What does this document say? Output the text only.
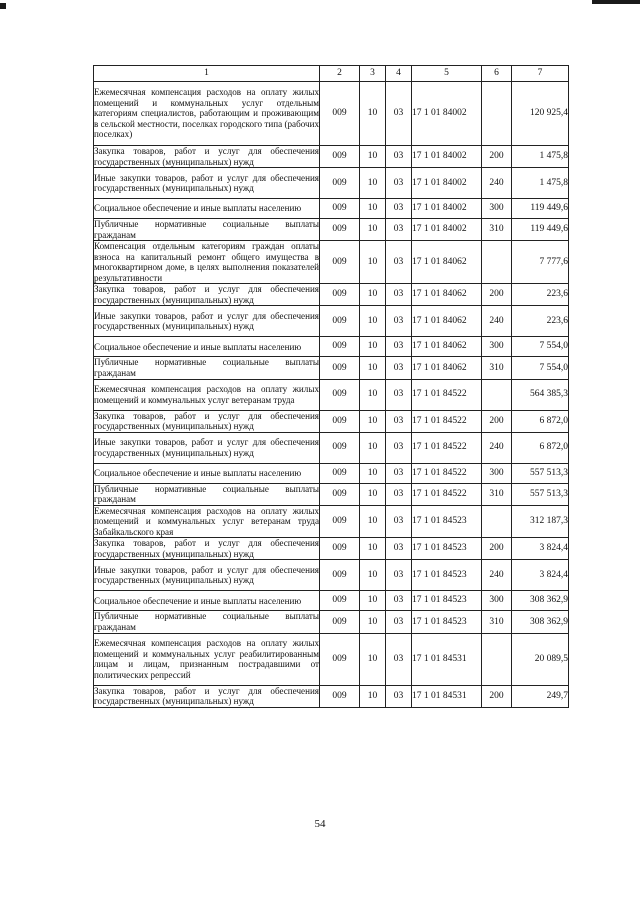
1	2	3	4	5	6	7
Ежемесячная компенсация расходов на оплату жилых помещений и коммунальных услуг отдельным категориям специалистов, работающим и проживающим в сельской местности, поселках городского типа (рабочих поселках)	009	10	03	17 1 01 84002		120 925,4
Закупка товаров, работ и услуг для обеспечения государственных (муниципальных) нужд	009	10	03	17 1 01 84002	200	1 475,8
Иные закупки товаров, работ и услуг для обеспечения государственных (муниципальных) нужд	009	10	03	17 1 01 84002	240	1 475,8
Социальное обеспечение и иные выплаты населению	009	10	03	17 1 01 84002	300	119 449,6
Публичные нормативные социальные выплаты гражданам	009	10	03	17 1 01 84002	310	119 449,6
Компенсация отдельным категориям граждан оплаты взноса на капитальный ремонт общего имущества в многоквартирном доме, в целях выполнения показателей результативности	009	10	03	17 1 01 84062		7 777,6
Закупка товаров, работ и услуг для обеспечения государственных (муниципальных) нужд	009	10	03	17 1 01 84062	200	223,6
Иные закупки товаров, работ и услуг для обеспечения государственных (муниципальных) нужд	009	10	03	17 1 01 84062	240	223,6
Социальное обеспечение и иные выплаты населению	009	10	03	17 1 01 84062	300	7 554,0
Публичные нормативные социальные выплаты гражданам	009	10	03	17 1 01 84062	310	7 554,0
Ежемесячная компенсация расходов на оплату жилых помещений и коммунальных услуг ветеранам труда	009	10	03	17 1 01 84522		564 385,3
Закупка товаров, работ и услуг для обеспечения государственных (муниципальных) нужд	009	10	03	17 1 01 84522	200	6 872,0
Иные закупки товаров, работ и услуг для обеспечения государственных (муниципальных) нужд	009	10	03	17 1 01 84522	240	6 872,0
Социальное обеспечение и иные выплаты населению	009	10	03	17 1 01 84522	300	557 513,3
Публичные нормативные социальные выплаты гражданам	009	10	03	17 1 01 84522	310	557 513,3
Ежемесячная компенсация расходов на оплату жилых помещений и коммунальных услуг ветеранам труда Забайкальского края	009	10	03	17 1 01 84523		312 187,3
Закупка товаров, работ и услуг для обеспечения государственных (муниципальных) нужд	009	10	03	17 1 01 84523	200	3 824,4
Иные закупки товаров, работ и услуг для обеспечения государственных (муниципальных) нужд	009	10	03	17 1 01 84523	240	3 824,4
Социальное обеспечение и иные выплаты населению	009	10	03	17 1 01 84523	300	308 362,9
Публичные нормативные социальные выплаты гражданам	009	10	03	17 1 01 84523	310	308 362,9
Ежемесячная компенсация расходов на оплату жилых помещений и коммунальных услуг реабилитированным лицам и лицам, признанным пострадавшими от политических репрессий	009	10	03	17 1 01 84531		20 089,5
Закупка товаров, работ и услуг для обеспечения государственных (муниципальных) нужд	009	10	03	17 1 01 84531	200	249,7
54
